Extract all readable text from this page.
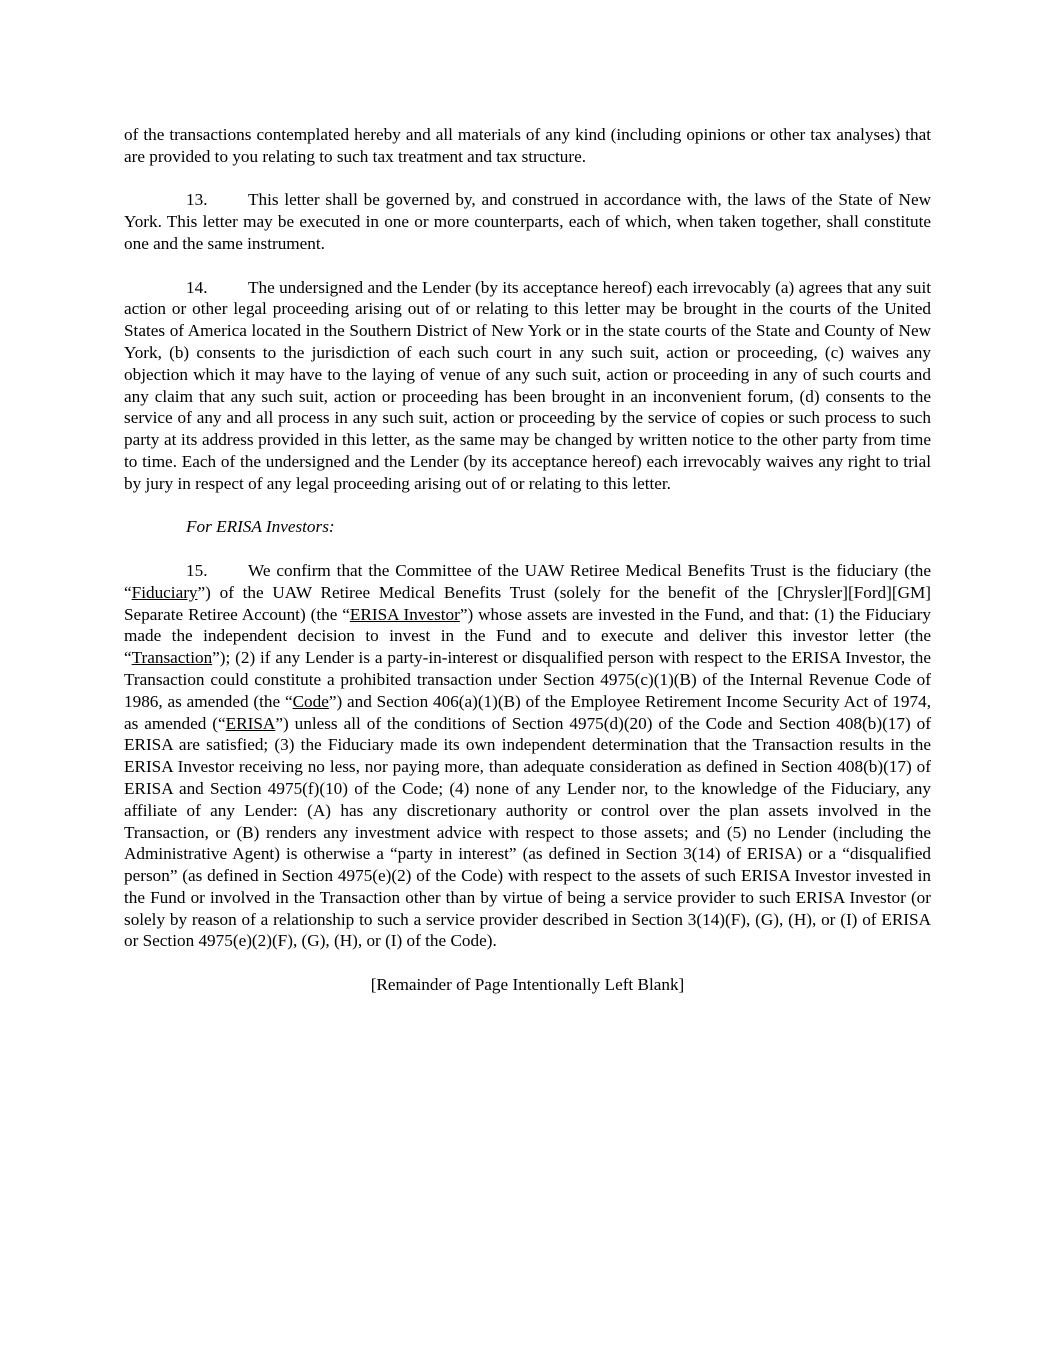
of the transactions contemplated hereby and all materials of any kind (including opinions or other tax analyses) that are provided to you relating to such tax treatment and tax structure.

13. This letter shall be governed by, and construed in accordance with, the laws of the State of New York. This letter may be executed in one or more counterparts, each of which, when taken together, shall constitute one and the same instrument.

14. The undersigned and the Lender (by its acceptance hereof) each irrevocably (a) agrees that any suit action or other legal proceeding arising out of or relating to this letter may be brought in the courts of the United States of America located in the Southern District of New York or in the state courts of the State and County of New York, (b) consents to the jurisdiction of each such court in any such suit, action or proceeding, (c) waives any objection which it may have to the laying of venue of any such suit, action or proceeding in any of such courts and any claim that any such suit, action or proceeding has been brought in an inconvenient forum, (d) consents to the service of any and all process in any such suit, action or proceeding by the service of copies or such process to such party at its address provided in this letter, as the same may be changed by written notice to the other party from time to time. Each of the undersigned and the Lender (by its acceptance hereof) each irrevocably waives any right to trial by jury in respect of any legal proceeding arising out of or relating to this letter.

For ERISA Investors:

15. We confirm that the Committee of the UAW Retiree Medical Benefits Trust is the fiduciary (the “Fiduciary”) of the UAW Retiree Medical Benefits Trust (solely for the benefit of the [Chrysler][Ford][GM] Separate Retiree Account) (the “ERISA Investor”) whose assets are invested in the Fund, and that: (1) the Fiduciary made the independent decision to invest in the Fund and to execute and deliver this investor letter (the “Transaction”); (2) if any Lender is a party-in-interest or disqualified person with respect to the ERISA Investor, the Transaction could constitute a prohibited transaction under Section 4975(c)(1)(B) of the Internal Revenue Code of 1986, as amended (the “Code”) and Section 406(a)(1)(B) of the Employee Retirement Income Security Act of 1974, as amended (“ERISA”) unless all of the conditions of Section 4975(d)(20) of the Code and Section 408(b)(17) of ERISA are satisfied; (3) the Fiduciary made its own independent determination that the Transaction results in the ERISA Investor receiving no less, nor paying more, than adequate consideration as defined in Section 408(b)(17) of ERISA and Section 4975(f)(10) of the Code; (4) none of any Lender nor, to the knowledge of the Fiduciary, any affiliate of any Lender: (A) has any discretionary authority or control over the plan assets involved in the Transaction, or (B) renders any investment advice with respect to those assets; and (5) no Lender (including the Administrative Agent) is otherwise a “party in interest” (as defined in Section 3(14) of ERISA) or a “disqualified person” (as defined in Section 4975(e)(2) of the Code) with respect to the assets of such ERISA Investor invested in the Fund or involved in the Transaction other than by virtue of being a service provider to such ERISA Investor (or solely by reason of a relationship to such a service provider described in Section 3(14)(F), (G), (H), or (I) of ERISA or Section 4975(e)(2)(F), (G), (H), or (I) of the Code).

[Remainder of Page Intentionally Left Blank]
